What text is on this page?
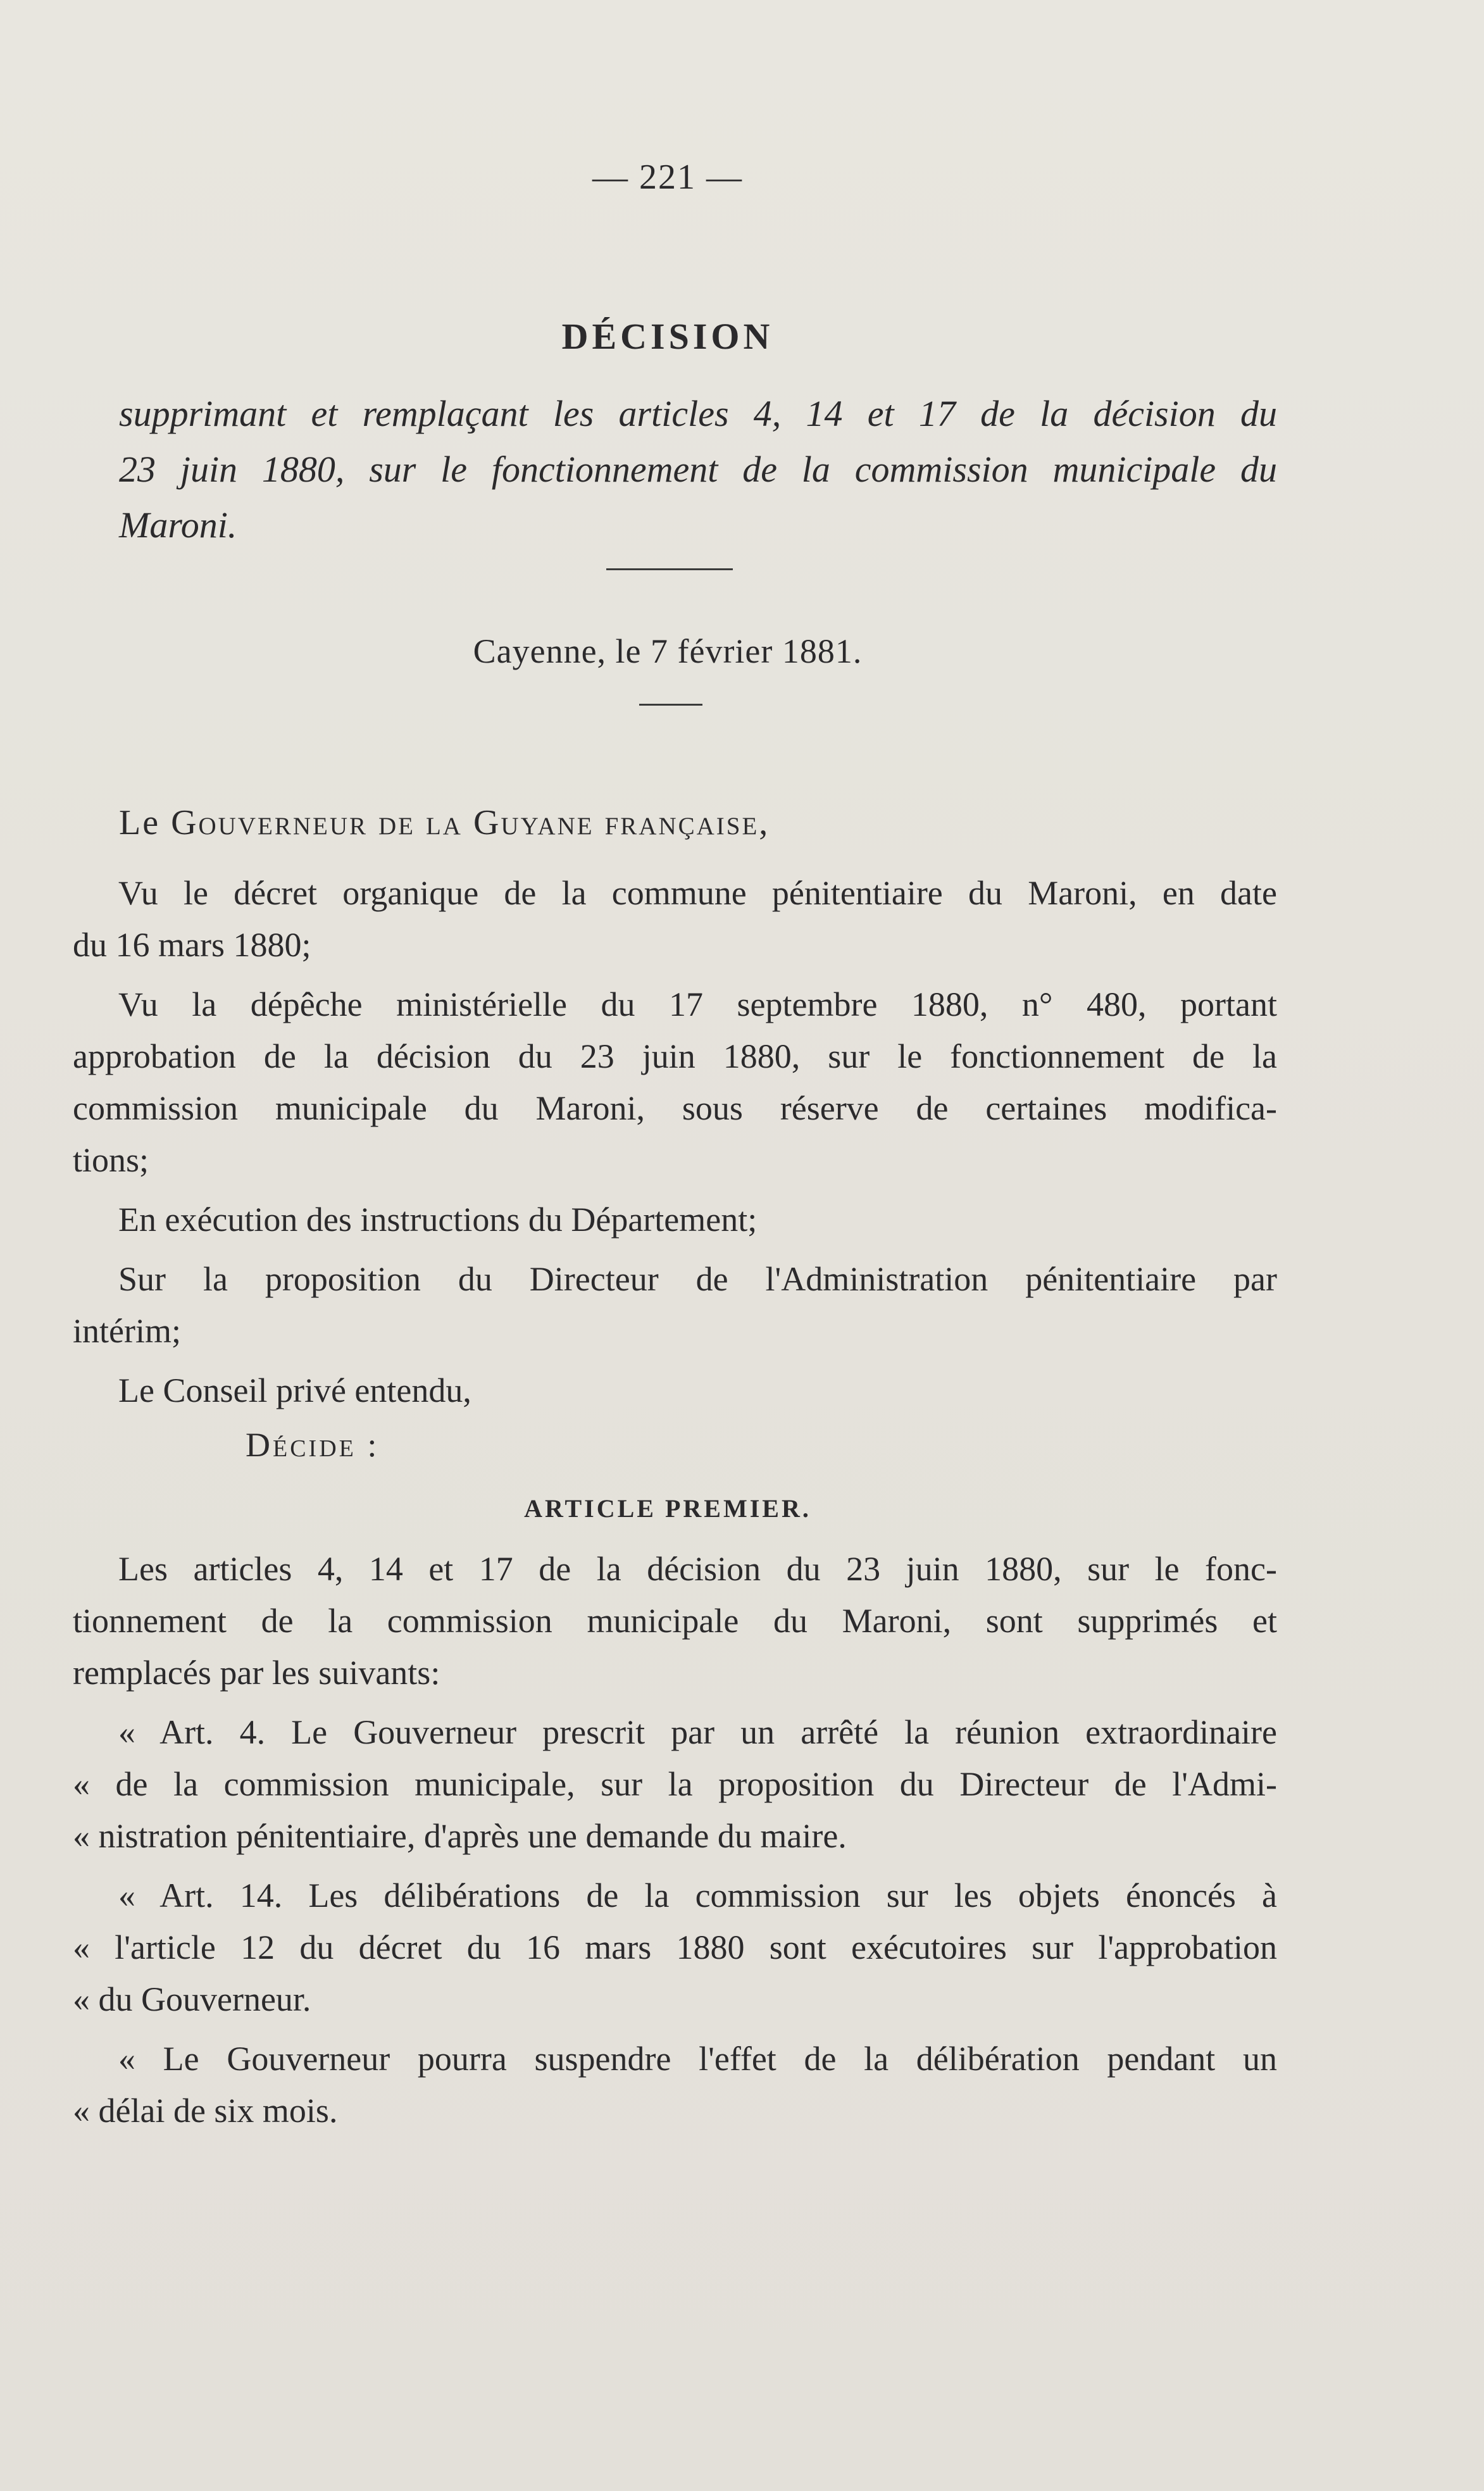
— 221 —
DÉCISION
supprimant et remplaçant les articles 4, 14 et 17 de la décision du
23 juin 1880, sur le fonctionnement de la commission municipale du
Maroni.
Cayenne, le 7 février 1881.
Le Gouverneur de la Guyane française,

Vu le décret organique de la commune pénitentiaire du Maroni, en date
du 16 mars 1880;

Vu la dépêche ministérielle du 17 septembre 1880, n° 480, portant
approbation de la décision du 23 juin 1880, sur le fonctionnement de la
commission municipale du Maroni, sous réserve de certaines modifica-
tions;

En exécution des instructions du Département;

Sur la proposition du Directeur de l'Administration pénitentiaire par
intérim;

Le Conseil privé entendu,

Décide :
ARTICLE PREMIER.

Les articles 4, 14 et 17 de la décision du 23 juin 1880, sur le fonc-
tionnement de la commission municipale du Maroni, sont supprimés et
remplacés par les suivants:

« Art. 4. Le Gouverneur prescrit par un arrêté la réunion extraordinaire
« de la commission municipale, sur la proposition du Directeur de l'Admi-
« nistration pénitentiaire, d'après une demande du maire.

« Art. 14. Les délibérations de la commission sur les objets énoncés à
« l'article 12 du décret du 16 mars 1880 sont exécutoires sur l'approbation
« du Gouverneur.

« Le Gouverneur pourra suspendre l'effet de la délibération pendant un
« délai de six mois.
